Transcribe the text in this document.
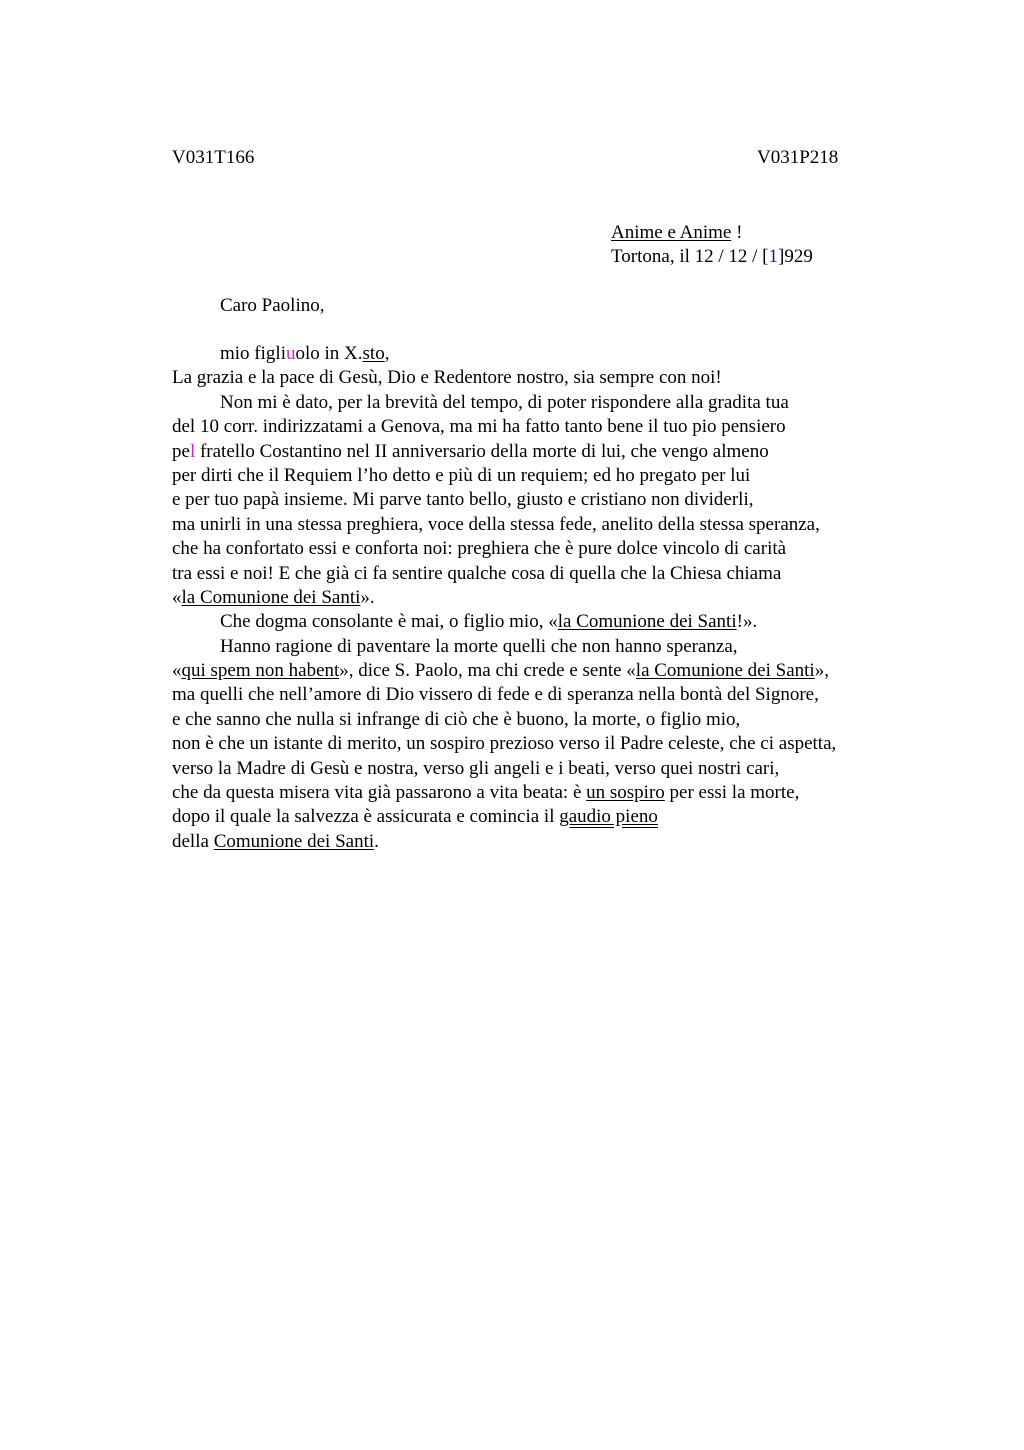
V031T166	V031P218
Anime e Anime !
Tortona, il 12 / 12 / [1]929
Caro Paolino,
mio figliuolo in X.sto,
La grazia e la pace di Gesù, Dio e Redentore nostro, sia sempre con noi!
Non mi è dato, per la brevità del tempo, di poter rispondere alla gradita tua
del 10 corr. indirizzatami a Genova, ma mi ha fatto tanto bene il tuo pio pensiero
pel fratello Costantino nel II anniversario della morte di lui, che vengo almeno
per dirti che il Requiem l’ho detto e più di un requiem; ed ho pregato per lui
e per tuo papà insieme. Mi parve tanto bello, giusto e cristiano non dividerli,
ma unirli in una stessa preghiera, voce della stessa fede, anelito della stessa speranza,
che ha confortato essi e conforta noi: preghiera che è pure dolce vincolo di carità
tra essi e noi! E che già ci fa sentire qualche cosa di quella che la Chiesa chiama
«la Comunione dei Santi».
Che dogma consolante è mai, o figlio mio, «la Comunione dei Santi!».
Hanno ragione di paventare la morte quelli che non hanno speranza,
«qui spem non habent», dice S. Paolo, ma chi crede e sente «la Comunione dei Santi»,
ma quelli che nell’amore di Dio vissero di fede e di speranza nella bontà del Signore,
e che sanno che nulla si infrange di ciò che è buono, la morte, o figlio mio,
non è che un istante di merito, un sospiro prezioso verso il Padre celeste, che ci aspetta,
verso la Madre di Gesù e nostra, verso gli angeli e i beati, verso quei nostri cari,
che da questa misera vita già passarono a vita beata: è un sospiro per essi la morte,
dopo il quale la salvezza è assicurata e comincia il gaudio pieno
della Comunione dei Santi.
